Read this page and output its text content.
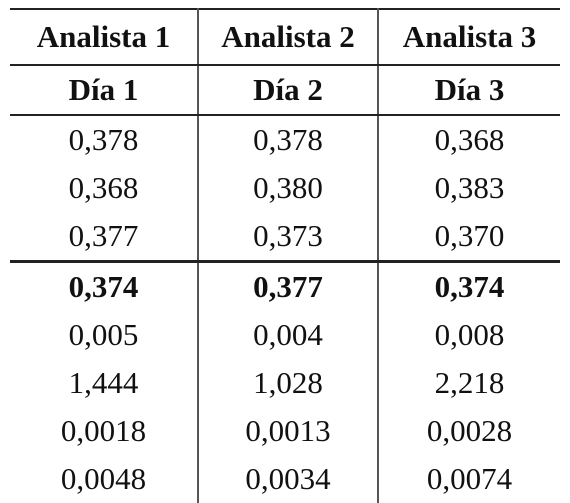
Analista 1	Analista 2	Analista 3
Día 1	Día 2	Día 3
0,378	0,378	0,368
0,368	0,380	0,383
0,377	0,373	0,370
0,374	0,377	0,374
0,005	0,004	0,008
1,444	1,028	2,218
0,0018	0,0013	0,0028
0,0048	0,0034	0,0074
